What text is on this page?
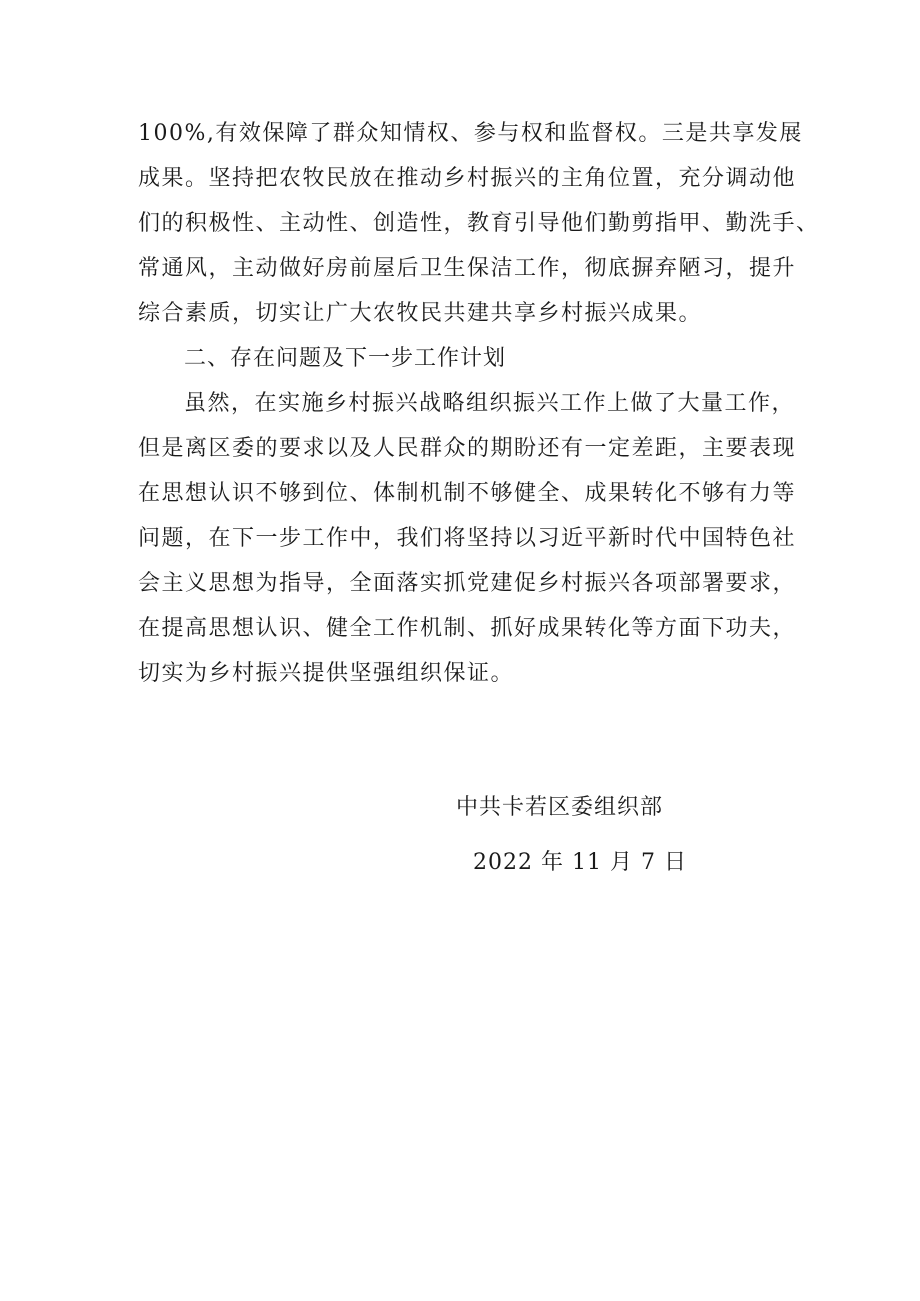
100%,有效保障了群众知情权、参与权和监督权。三是共享发展
成果。坚持把农牧民放在推动乡村振兴的主角位置，充分调动他
们的积极性、主动性、创造性，教育引导他们勤剪指甲、勤洗手、
常通风，主动做好房前屋后卫生保洁工作，彻底摒弃陋习，提升
综合素质，切实让广大农牧民共建共享乡村振兴成果。
二、存在问题及下一步工作计划
虽然，在实施乡村振兴战略组织振兴工作上做了大量工作，
但是离区委的要求以及人民群众的期盼还有一定差距，主要表现
在思想认识不够到位、体制机制不够健全、成果转化不够有力等
问题，在下一步工作中，我们将坚持以习近平新时代中国特色社
会主义思想为指导，全面落实抓党建促乡村振兴各项部署要求，
在提高思想认识、健全工作机制、抓好成果转化等方面下功夫，
切实为乡村振兴提供坚强组织保证。
中共卡若区委组织部
2022 年 11 月 7 日
